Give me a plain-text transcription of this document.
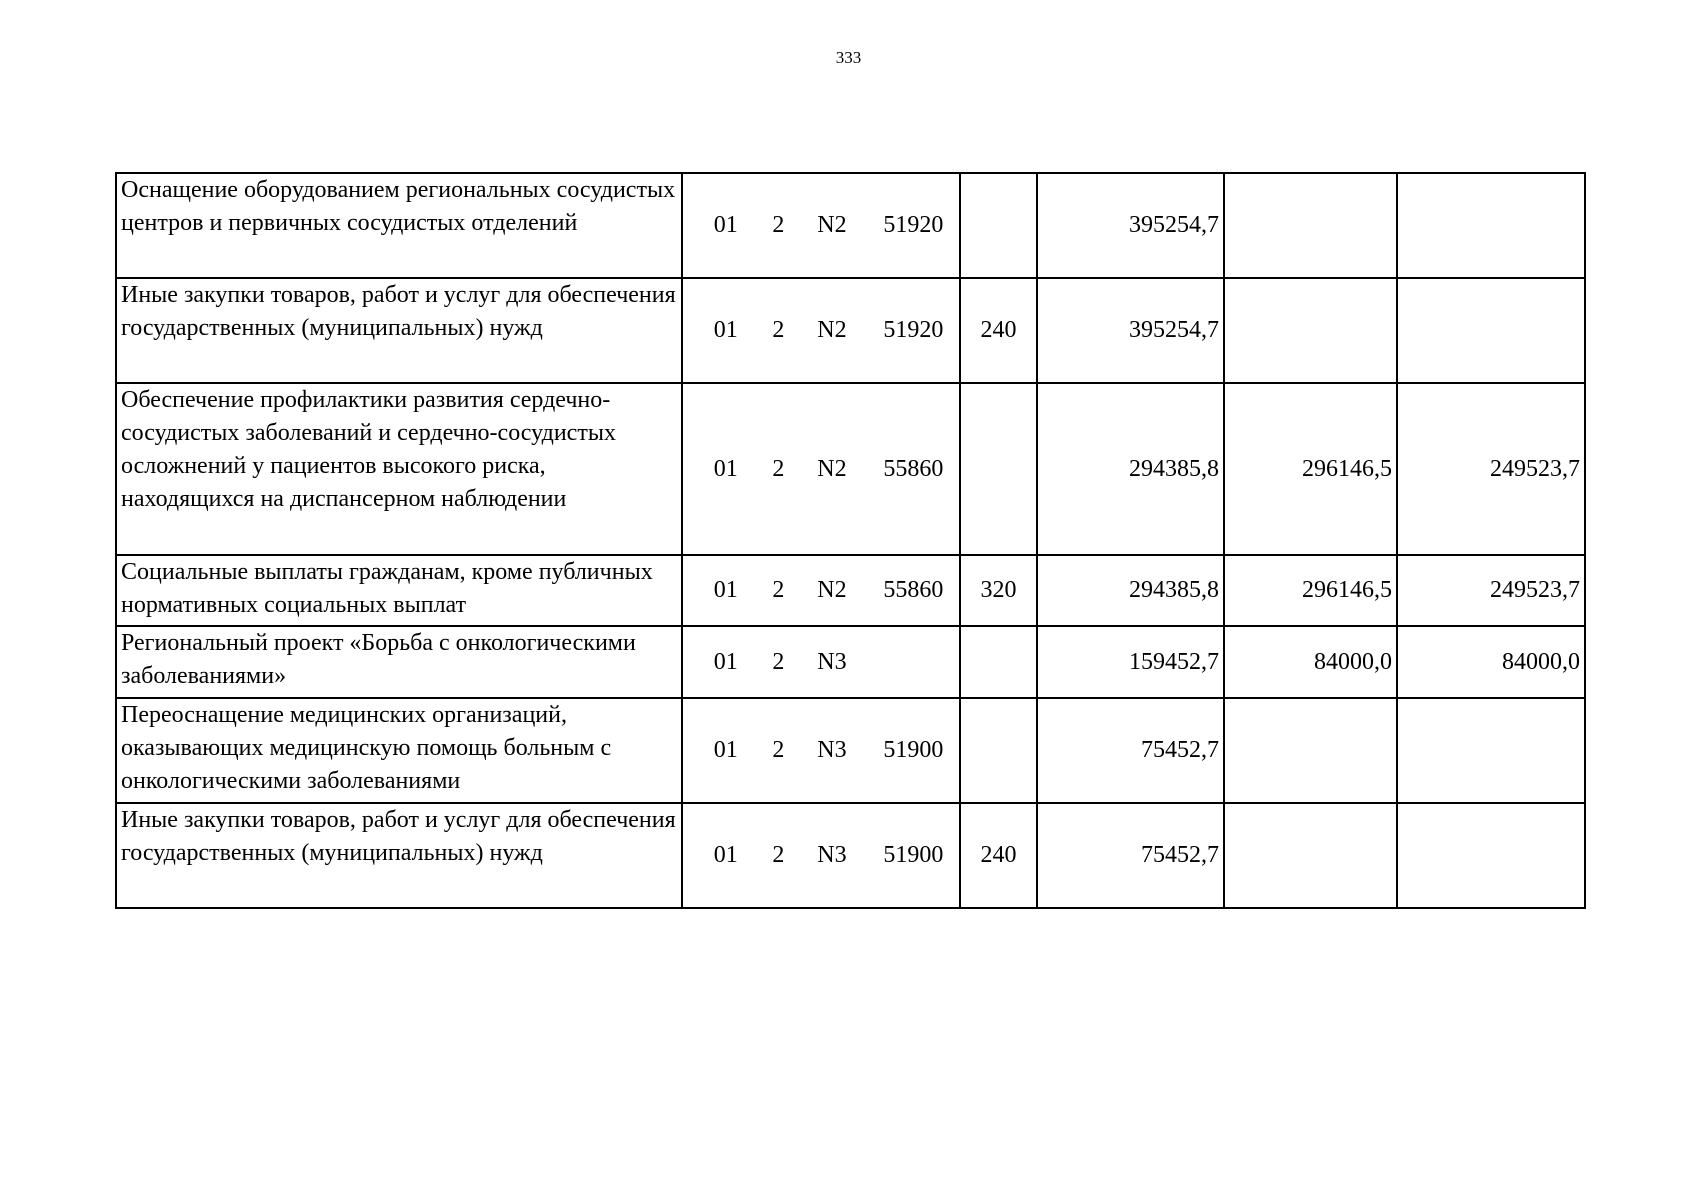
333
Оснащение оборудованием региональных сосудистых центров и первичных сосудистых отделений	01 2 N2 51920		395254,7		
Иные закупки товаров, работ и услуг для обеспечения государственных (муниципальных) нужд	01 2 N2 51920	240	395254,7		
Обеспечение профилактики развития сердечно-сосудистых заболеваний и сердечно-сосудистых осложнений у пациентов высокого риска, находящихся на диспансерном наблюдении	01 2 N2 55860		294385,8	296146,5	249523,7
Социальные выплаты гражданам, кроме публичных нормативных социальных выплат	01 2 N2 55860	320	294385,8	296146,5	249523,7
Региональный проект «Борьба с онкологическими заболеваниями»	01 2 N3		159452,7	84000,0	84000,0
Переоснащение медицинских организаций, оказывающих медицинскую помощь больным с онкологическими заболеваниями	01 2 N3 51900		75452,7		
Иные закупки товаров, работ и услуг для обеспечения государственных (муниципальных) нужд	01 2 N3 51900	240	75452,7		
